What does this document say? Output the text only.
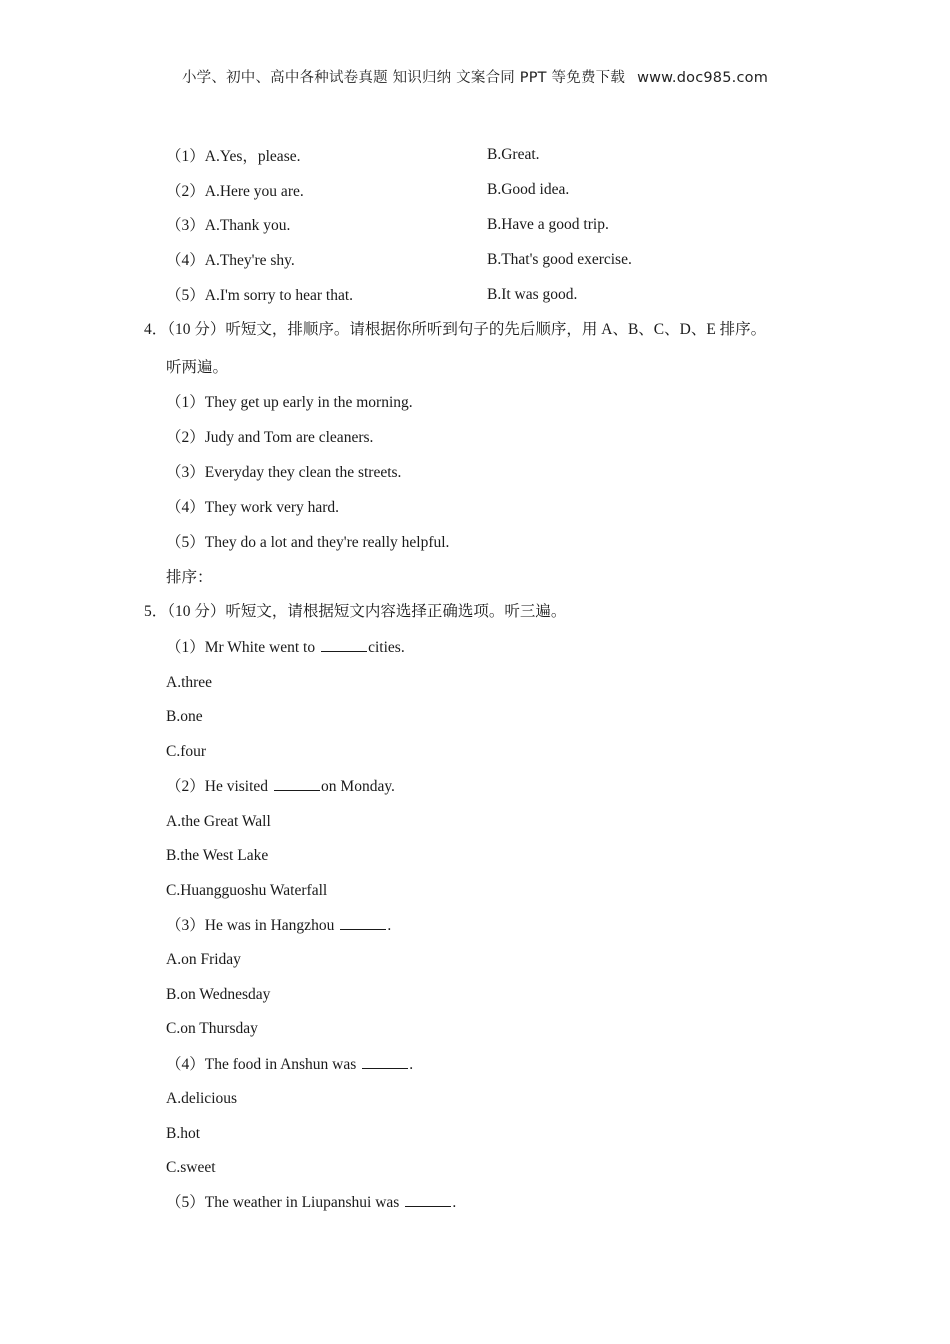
小学、初中、高中各种试卷真题 知识归纳 文案合同 PPT 等免费下载 www.doc985.com
（1）A.Yes，please.	B.Great.
（2）A.Here you are.	B.Good idea.
（3）A.Thank you.	B.Have a good trip.
（4）A.They're shy.	B.That's good exercise.
（5）A.I'm sorry to hear that.	B.It was good.
4．（10 分）听短文，排顺序。请根据你所听到句子的先后顺序，用 A、B、C、D、E 排序。
听两遍。
（1）They get up early in the morning.
（2）Judy and Tom are cleaners.
（3）Everyday they clean the streets.
（4）They work very hard.
（5）They do a lot and they're really helpful.
排序：
5．（10 分）听短文，请根据短文内容选择正确选项。听三遍。
（1）Mr White went to	cities.
A.three
B.one
C.four
（2）He visited	on Monday.
A.the Great Wall
B.the West Lake
C.Huangguoshu Waterfall
（3）He was in Hangzhou	.
A.on Friday
B.on Wednesday
C.on Thursday
（4）The food in Anshun was	.
A.delicious
B.hot
C.sweet
（5）The weather in Liupanshui was	.
